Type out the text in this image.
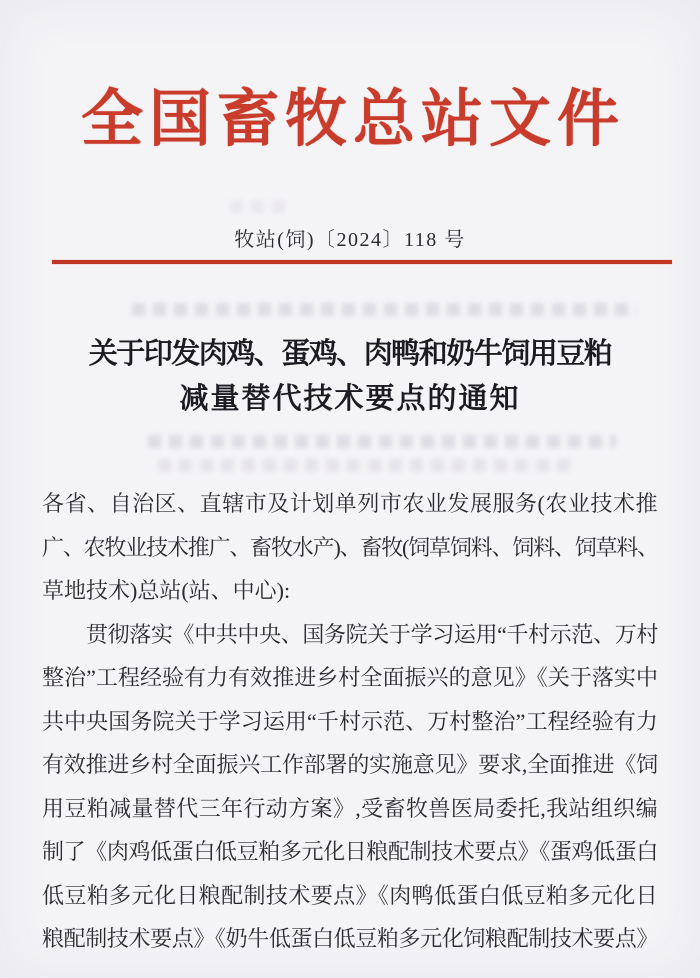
全国畜牧总站文件
牧站(饲)〔2024〕118 号
关于印发肉鸡、蛋鸡、肉鸭和奶牛饲用豆粕
减量替代技术要点的通知
各省、自治区、直辖市及计划单列市农业发展服务(农业技术推
广、农牧业技术推广、畜牧水产)、畜牧(饲草饲料、饲料、饲草料、
草地技术)总站(站、中心):
贯彻落实《中共中央、国务院关于学习运用“千村示范、万村
整治”工程经验有力有效推进乡村全面振兴的意见》《关于落实中
共中央国务院关于学习运用“千村示范、万村整治”工程经验有力
有效推进乡村全面振兴工作部署的实施意见》要求,全面推进《饲
用豆粕减量替代三年行动方案》,受畜牧兽医局委托,我站组织编
制了《肉鸡低蛋白低豆粕多元化日粮配制技术要点》《蛋鸡低蛋白
低豆粕多元化日粮配制技术要点》《肉鸭低蛋白低豆粕多元化日
粮配制技术要点》《奶牛低蛋白低豆粕多元化饲粮配制技术要点》
